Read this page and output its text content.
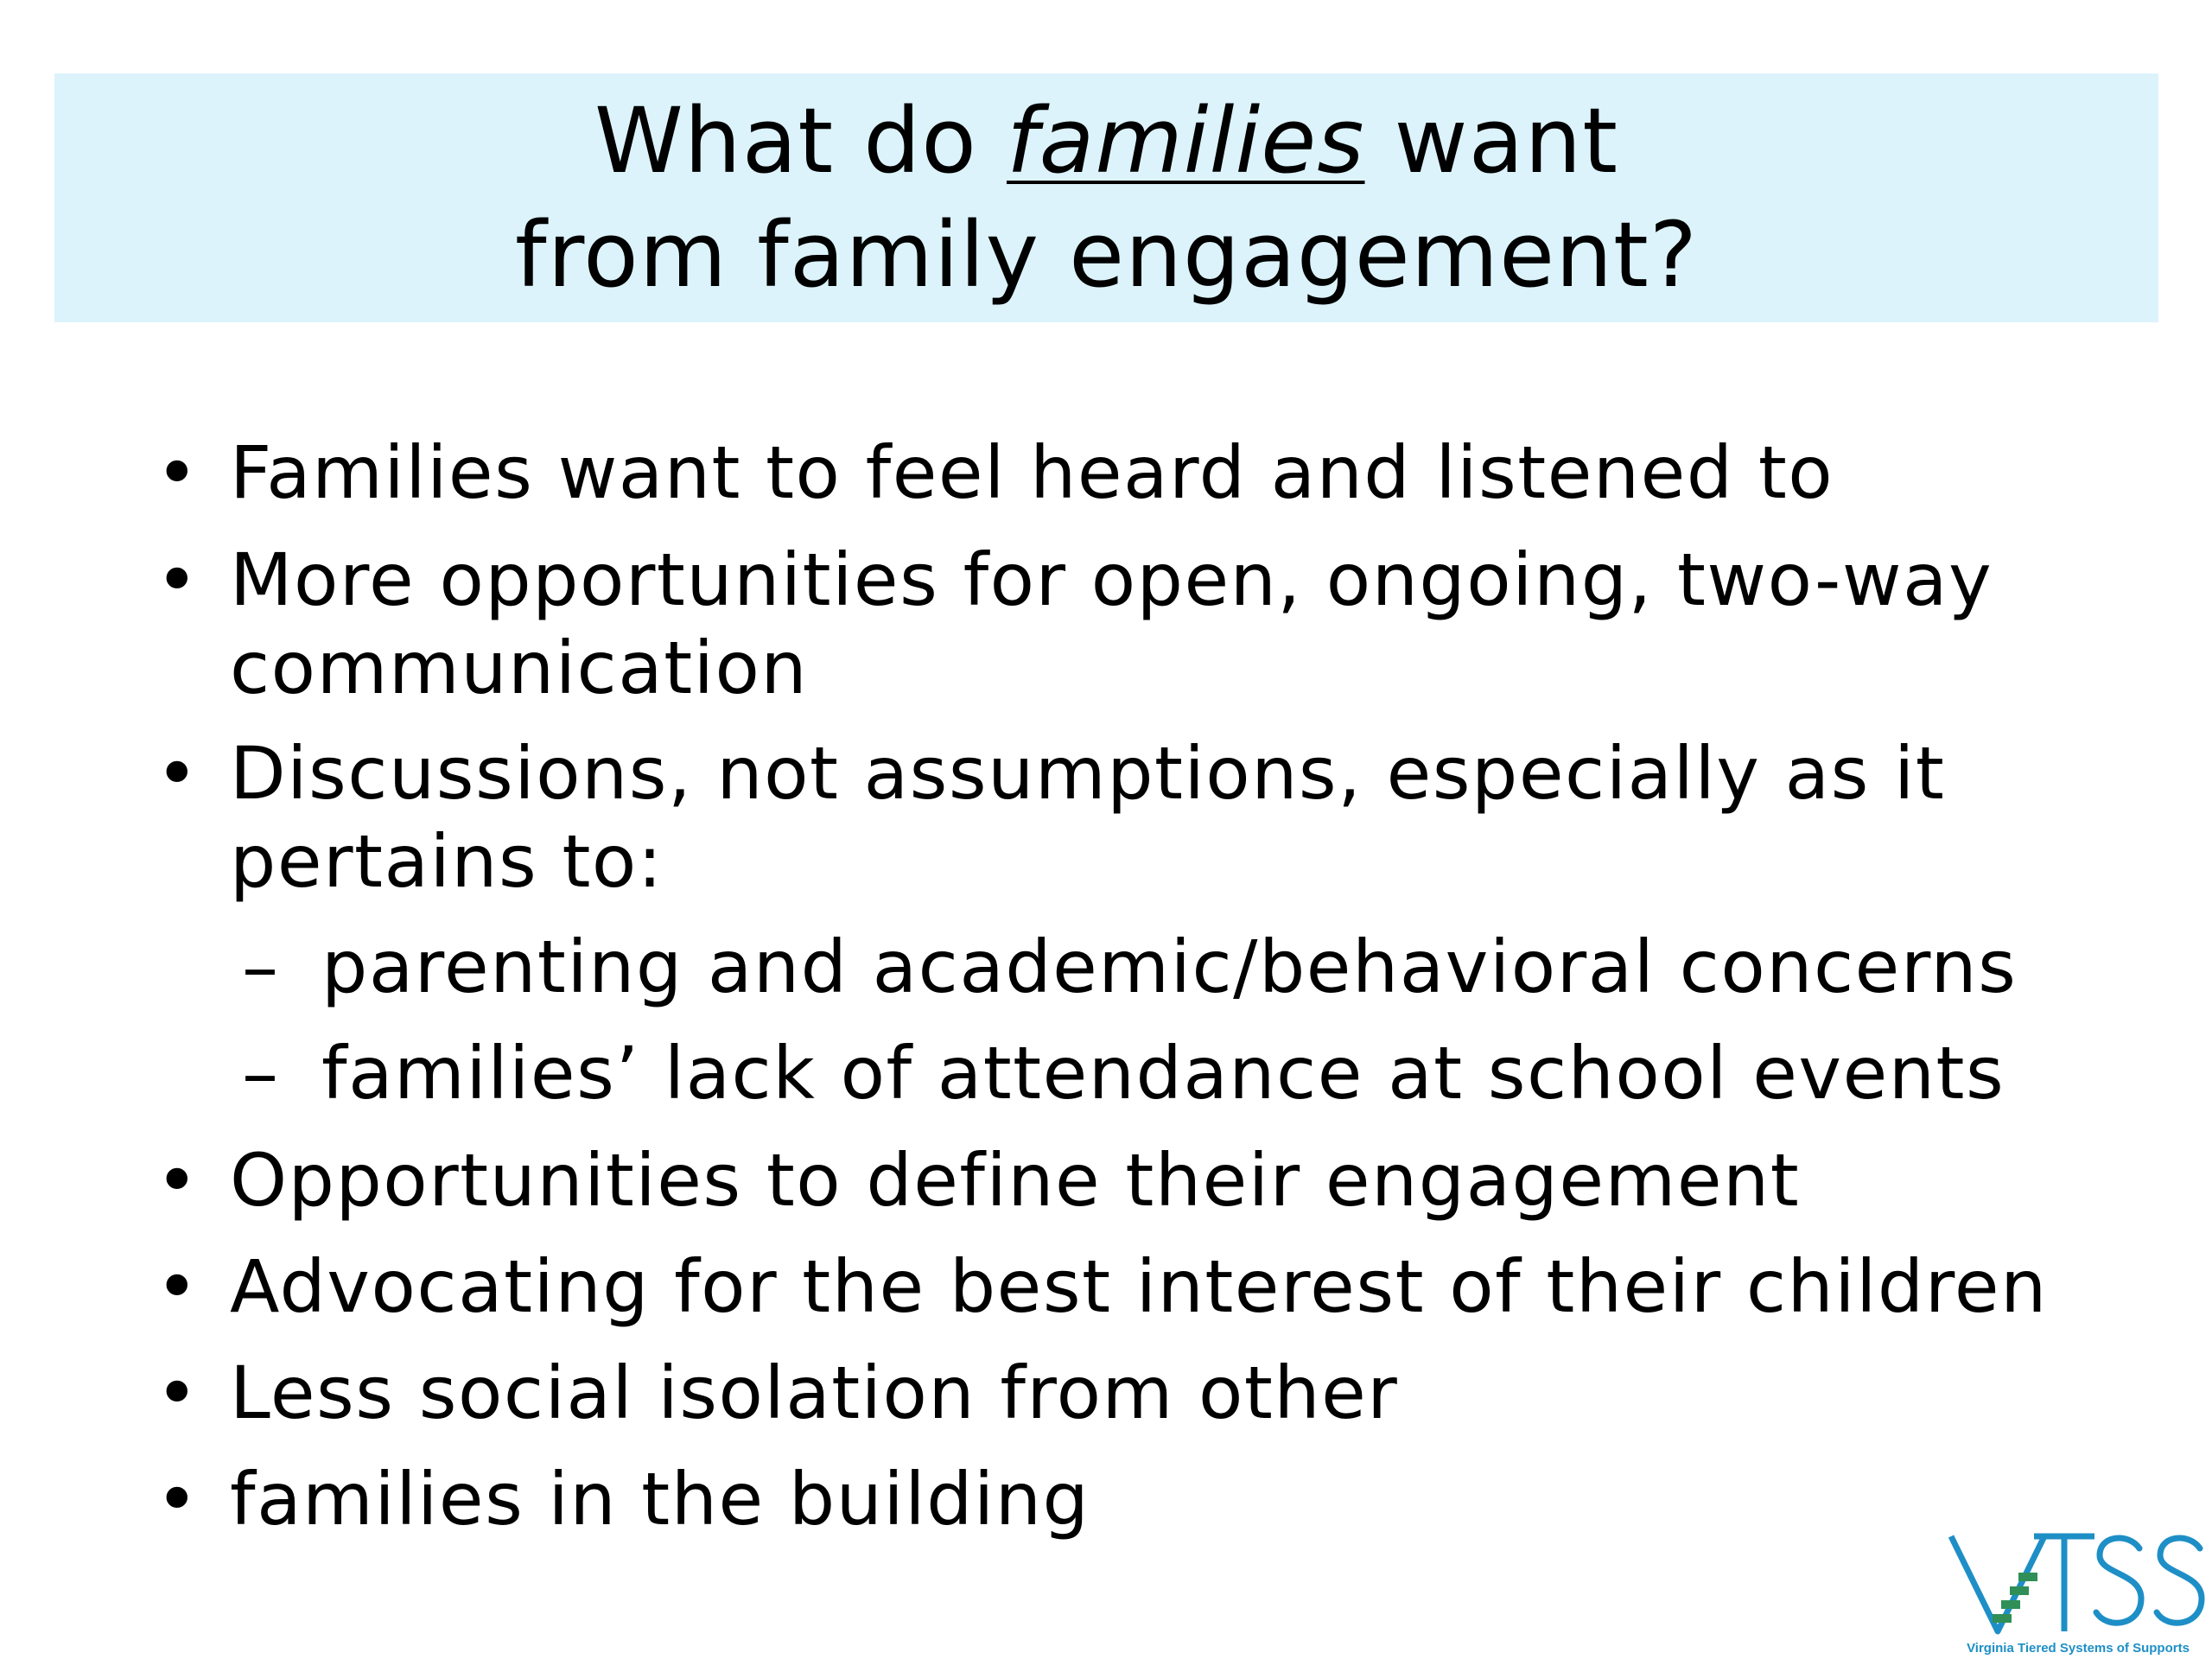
What do families want
from family engagement?
• Families want to feel heard and listened to
• More opportunities for open, ongoing, two-way
communication
• Discussions, not assumptions, especially as it
pertains to:
– parenting and academic/behavioral concerns
– families’ lack of attendance at school events
• Opportunities to define their engagement
• Advocating for the best interest of their children
• Less social isolation from other
• families in the building
Virginia Tiered Systems of Supports
